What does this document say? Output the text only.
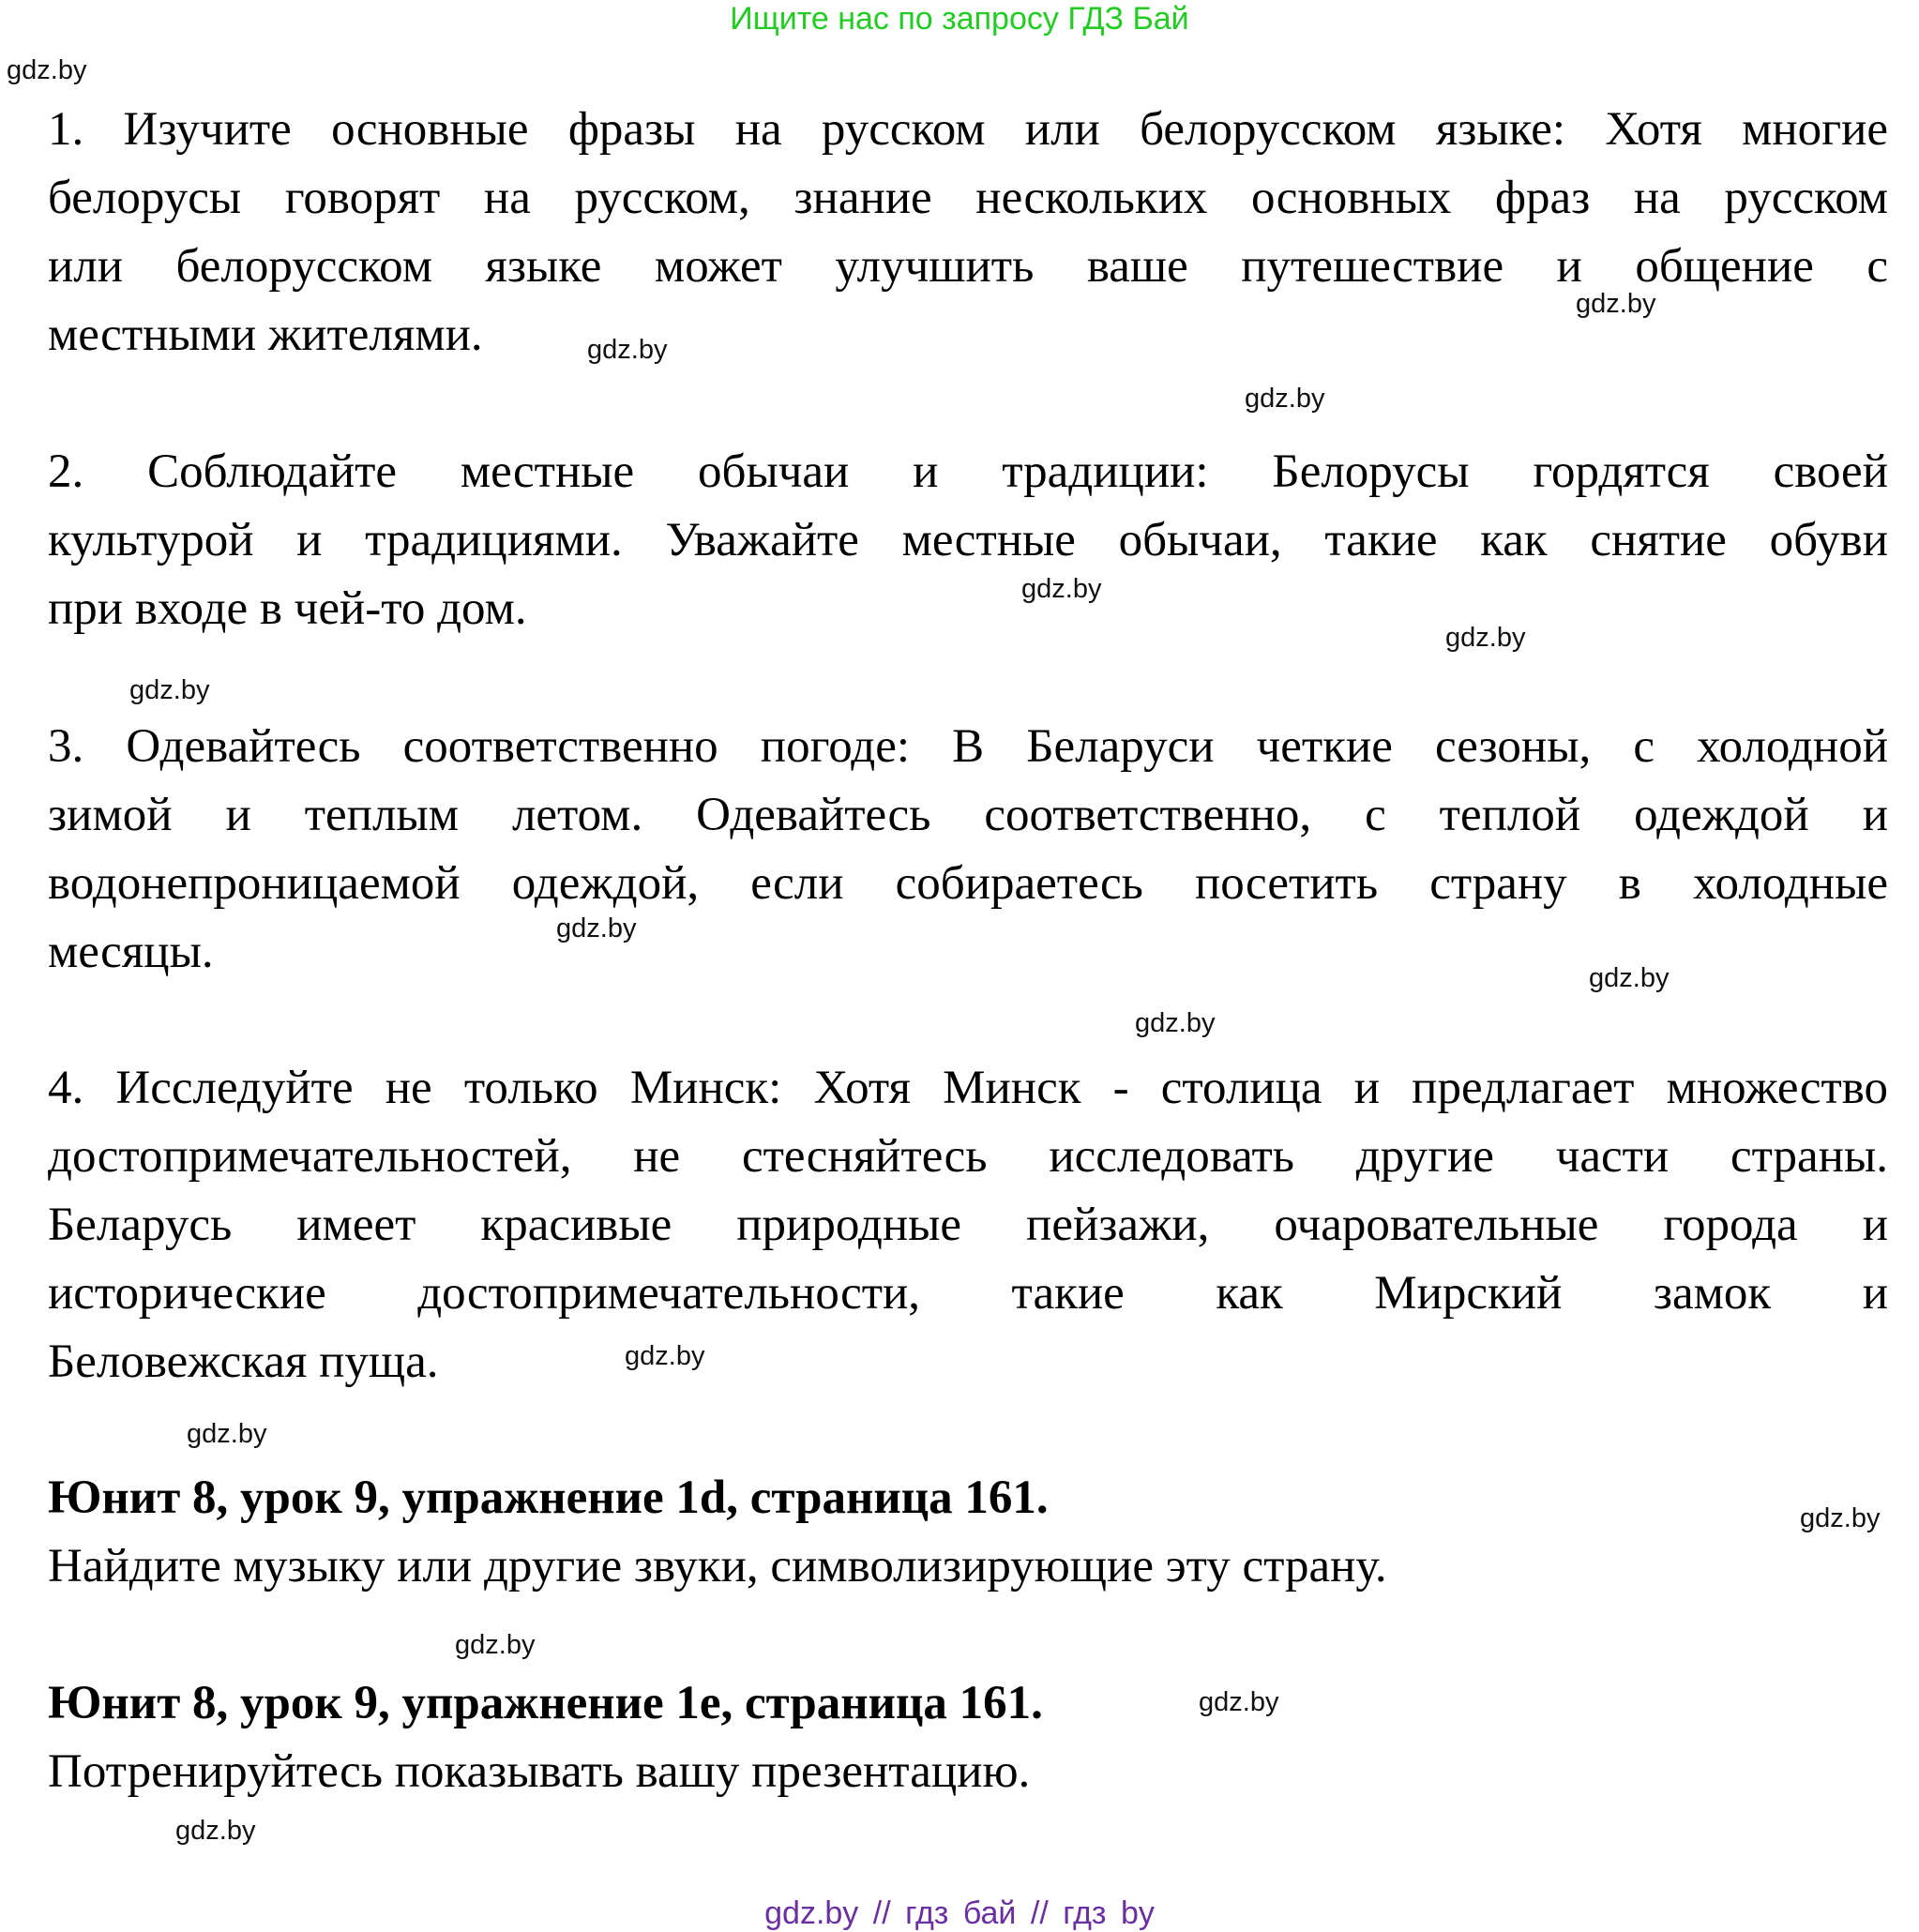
Ищите нас по запросу ГДЗ Бай
1. Изучите основные фразы на русском или белорусском языке: Хотя многие
белорусы говорят на русском, знание нескольких основных фраз на русском
или белорусском языке может улучшить ваше путешествие и общение с
местными жителями.
2. Соблюдайте местные обычаи и традиции: Белорусы гордятся своей
культурой и традициями. Уважайте местные обычаи, такие как снятие обуви
при входе в чей-то дом.
3. Одевайтесь соответственно погоде: В Беларуси четкие сезоны, с холодной
зимой и теплым летом. Одевайтесь соответственно, с теплой одеждой и
водонепроницаемой одеждой, если собираетесь посетить страну в холодные
месяцы.
4. Исследуйте не только Минск: Хотя Минск - столица и предлагает множество
достопримечательностей, не стесняйтесь исследовать другие части страны.
Беларусь имеет красивые природные пейзажи, очаровательные города и
исторические достопримечательности, такие как Мирский замок и
Беловежская пуща.
Юнит 8, урок 9, упражнение 1d, страница 161.
Найдите музыку или другие звуки, символизирующие эту страну.
Юнит 8, урок 9, упражнение 1e, страница 161.
Потренируйтесь показывать вашу презентацию.
gdz.by
gdz.by
gdz.by
gdz.by
gdz.by
gdz.by
gdz.by
gdz.by
gdz.by
gdz.by
gdz.by
gdz.by
gdz.by
gdz.by
gdz.by
gdz.by
gdz.by // гдз бай // гдз by
